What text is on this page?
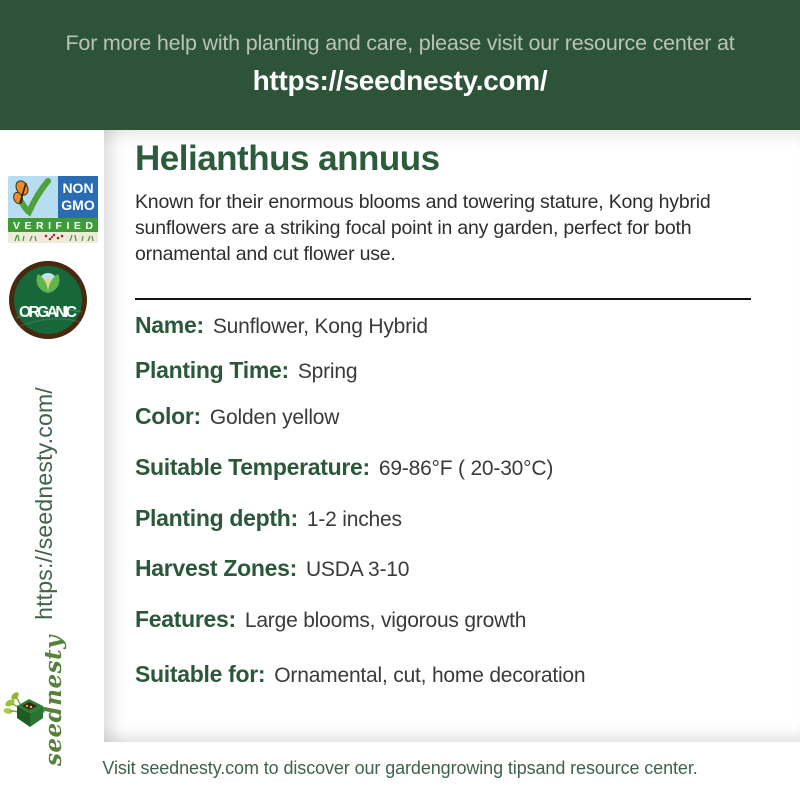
For more help with planting and care, please visit our resource center at
https://seednesty.com/
NON
GMO
VERIFIED
ORGANIC
https://seednesty.com/
seednesty
Helianthus annuus

Known for their enormous blooms and towering stature, Kong hybrid sunflowers are a striking focal point in any garden, perfect for both ornamental and cut flower use.

Name: Sunflower, Kong Hybrid
Planting Time: Spring
Color: Golden yellow
Suitable Temperature: 69-86°F ( 20-30°C)
Planting depth: 1-2 inches
Harvest Zones: USDA 3-10
Features: Large blooms, vigorous growth
Suitable for: Ornamental, cut, home decoration
Visit seednesty.com to discover our gardengrowing tipsand resource center.
